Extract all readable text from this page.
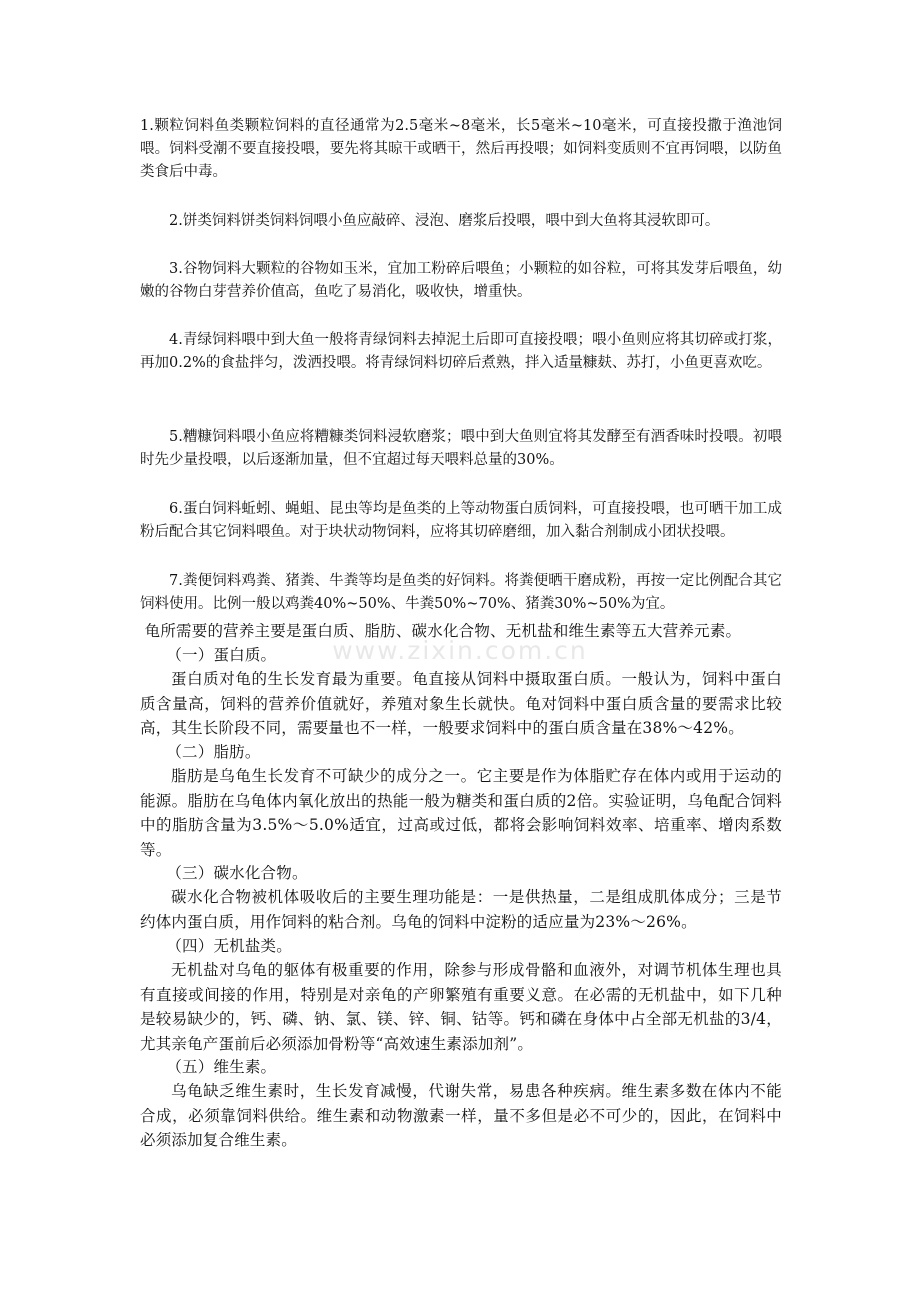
1.颗粒饲料鱼类颗粒饲料的直径通常为2.5毫米~8毫米，长5毫米~10毫米，可直接投撒于渔池饲喂。饲料受潮不要直接投喂，要先将其晾干或晒干，然后再投喂；如饲料变质则不宜再饲喂，以防鱼类食后中毒。

2.饼类饲料饼类饲料饲喂小鱼应敲碎、浸泡、磨浆后投喂，喂中到大鱼将其浸软即可。

3.谷物饲料大颗粒的谷物如玉米，宜加工粉碎后喂鱼；小颗粒的如谷粒，可将其发芽后喂鱼，幼嫩的谷物白芽营养价值高，鱼吃了易消化，吸收快，增重快。

4.青绿饲料喂中到大鱼一般将青绿饲料去掉泥土后即可直接投喂；喂小鱼则应将其切碎或打浆，再加0.2%的食盐拌匀，泼洒投喂。将青绿饲料切碎后煮熟，拌入适量糠麸、苏打，小鱼更喜欢吃。

5.糟糠饲料喂小鱼应将糟糠类饲料浸软磨浆；喂中到大鱼则宜将其发酵至有酒香味时投喂。初喂时先少量投喂，以后逐渐加量，但不宜超过每天喂料总量的30%。

6.蛋白饲料蚯蚓、蝇蛆、昆虫等均是鱼类的上等动物蛋白质饲料，可直接投喂，也可晒干加工成粉后配合其它饲料喂鱼。对于块状动物饲料，应将其切碎磨细，加入黏合剂制成小团状投喂。

7.粪便饲料鸡粪、猪粪、牛粪等均是鱼类的好饲料。将粪便晒干磨成粉，再按一定比例配合其它饲料使用。比例一般以鸡粪40%~50%、牛粪50%~70%、猪粪30%~50%为宜。

龟所需要的营养主要是蛋白质、脂肪、碳水化合物、无机盐和维生素等五大营养元素。

（一）蛋白质。

蛋白质对龟的生长发育最为重要。龟直接从饲料中摄取蛋白质。一般认为，饲料中蛋白质含量高，饲料的营养价值就好，养殖对象生长就快。龟对饲料中蛋白质含量的要需求比较高，其生长阶段不同，需要量也不一样，一般要求饲料中的蛋白质含量在38%～42%。

（二）脂肪。

脂肪是乌龟生长发育不可缺少的成分之一。它主要是作为体脂贮存在体内或用于运动的能源。脂肪在乌龟体内氧化放出的热能一般为糖类和蛋白质的2倍。实验证明，乌龟配合饲料中的脂肪含量为3.5%～5.0%适宜，过高或过低，都将会影响饲料效率、培重率、增肉系数等。

（三）碳水化合物。

碳水化合物被机体吸收后的主要生理功能是：一是供热量，二是组成肌体成分；三是节约体内蛋白质，用作饲料的粘合剂。乌龟的饲料中淀粉的适应量为23%～26%。

（四）无机盐类。

无机盐对乌龟的躯体有极重要的作用，除参与形成骨骼和血液外，对调节机体生理也具有直接或间接的作用，特别是对亲龟的产卵繁殖有重要义意。在必需的无机盐中，如下几种是较易缺少的，钙、磷、钠、氯、镁、锌、铜、钴等。钙和磷在身体中占全部无机盐的3/4，尤其亲龟产蛋前后必须添加骨粉等“高效速生素添加剂”。

（五）维生素。

乌龟缺乏维生素时，生长发育减慢，代谢失常，易患各种疾病。维生素多数在体内不能合成，必须靠饲料供给。维生素和动物激素一样，量不多但是必不可少的，因此，在饲料中必须添加复合维生素。

www.zixin.com.cn
